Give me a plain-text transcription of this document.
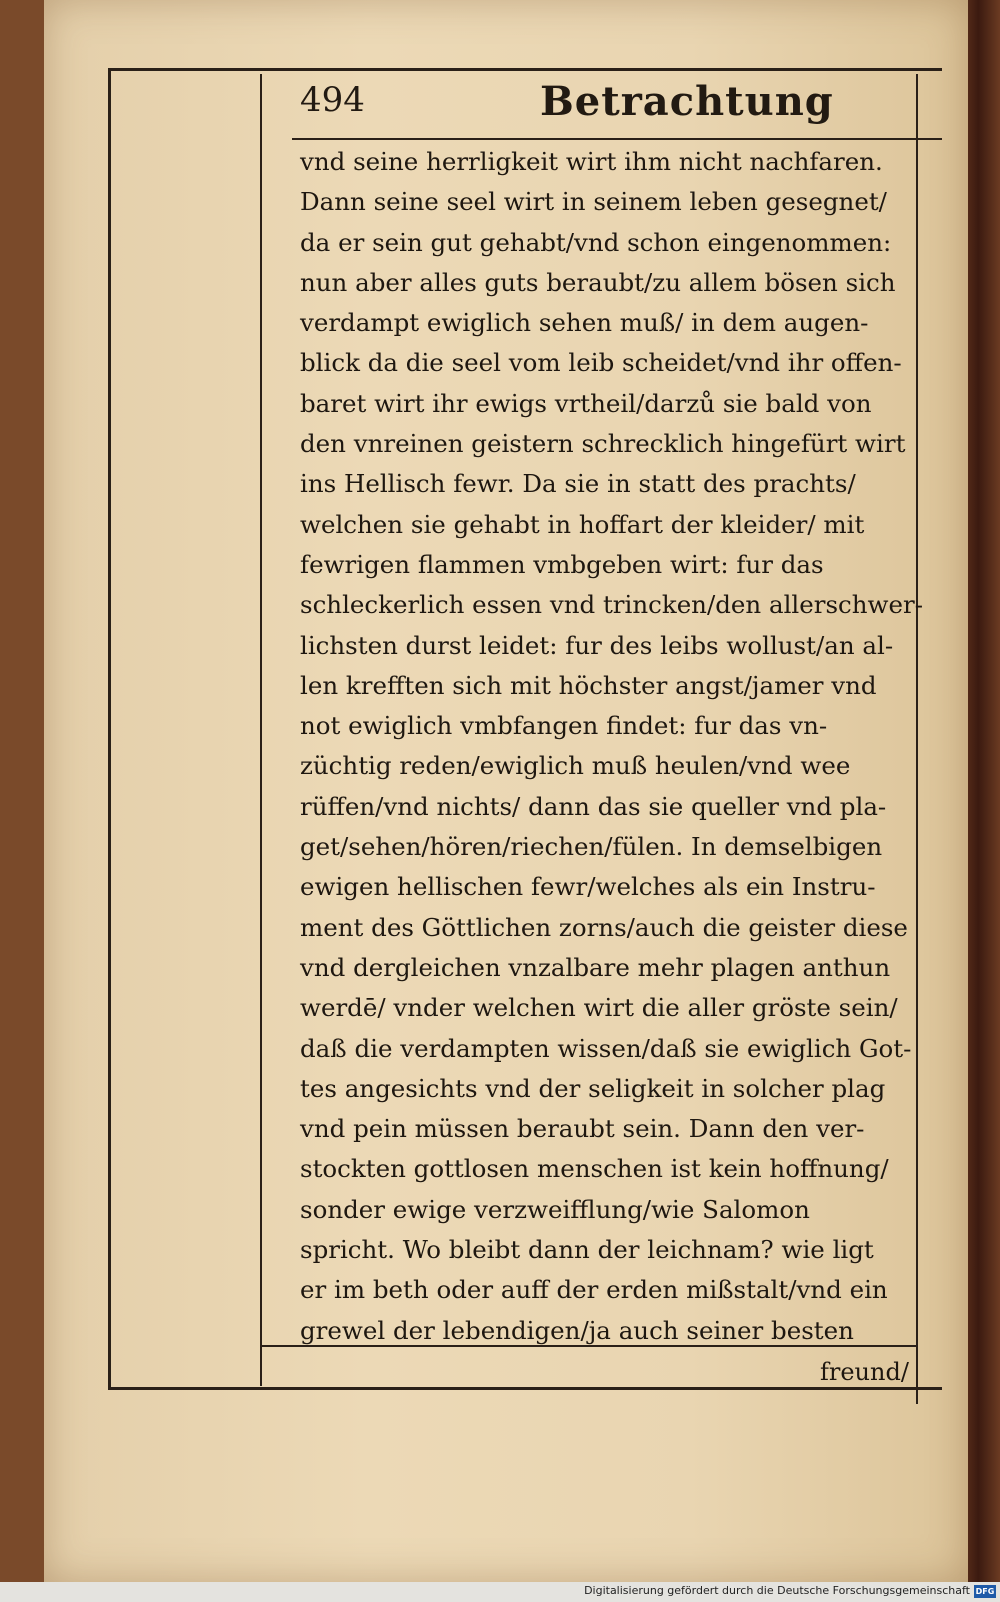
494	Betrachtung
vnd seine herrligkeit wirt ihm nicht nachfaren.
Dann seine seel wirt in seinem leben gesegnet/
da er sein gut gehabt/vnd schon eingenommen:
nun aber alles guts beraubt/zu allem bösen sich
verdampt ewiglich sehen muß/ in dem augen-
blick da die seel vom leib scheidet/vnd ihr offen-
baret wirt ihr ewigs vrtheil/darzů sie bald von
den vnreinen geistern schrecklich hingefürt wirt
ins Hellisch fewr. Da sie in statt des prachts/
welchen sie gehabt in hoffart der kleider/ mit
fewrigen flammen vmbgeben wirt: fur das
schleckerlich essen vnd trincken/den allerschwer-
lichsten durst leidet: fur des leibs wollust/an al-
len krefften sich mit höchster angst/jamer vnd
not ewiglich vmbfangen findet: fur das vn-
züchtig reden/ewiglich muß heulen/vnd wee
rüffen/vnd nichts/ dann das sie queller vnd pla-
get/sehen/hören/riechen/fülen. In demselbigen
ewigen hellischen fewr/welches als ein Instru-
ment des Göttlichen zorns/auch die geister diese
vnd dergleichen vnzalbare mehr plagen anthun
werdē/ vnder welchen wirt die aller gröste sein/
daß die verdampten wissen/daß sie ewiglich Got-
tes angesichts vnd der seligkeit in solcher plag
vnd pein müssen beraubt sein. Dann den ver-
stockten gottlosen menschen ist kein hoffnung/
sonder ewige verzweifflung/wie Salomon
spricht. Wo bleibt dann der leichnam? wie ligt
er im beth oder auff der erden mißstalt/vnd ein
grewel der lebendigen/ja auch seiner besten
freund/
Digitalisierung gefördert durch die Deutsche Forschungsgemeinschaft DFG
